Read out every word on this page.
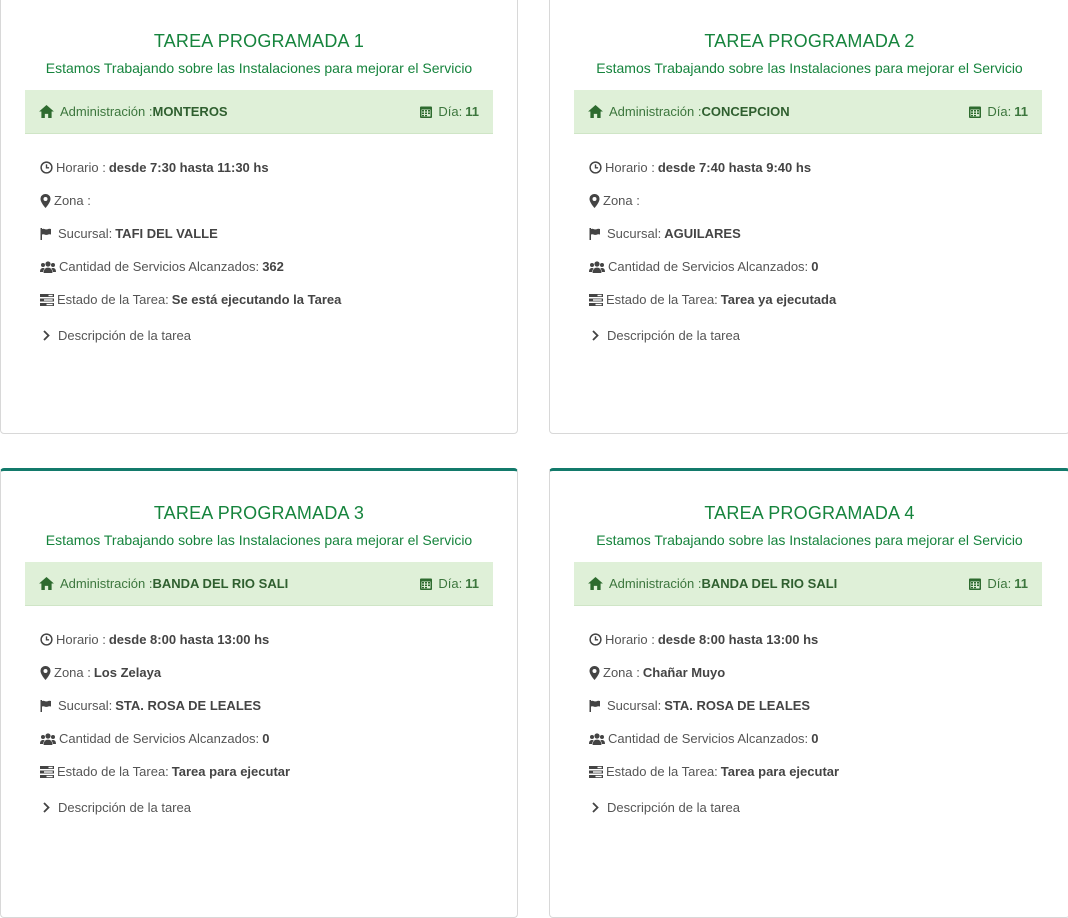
TAREA PROGRAMADA 1
Estamos Trabajando sobre las Instalaciones para mejorar el Servicio
Administración : MONTEROS	Día: 11
Horario : desde 7:30 hasta 11:30 hs
Zona :
Sucursal: TAFI DEL VALLE
Cantidad de Servicios Alcanzados: 362
Estado de la Tarea: Se está ejecutando la Tarea
Descripción de la tarea
TAREA PROGRAMADA 2
Estamos Trabajando sobre las Instalaciones para mejorar el Servicio
Administración : CONCEPCION	Día: 11
Horario : desde 7:40 hasta 9:40 hs
Zona :
Sucursal: AGUILARES
Cantidad de Servicios Alcanzados: 0
Estado de la Tarea: Tarea ya ejecutada
Descripción de la tarea
TAREA PROGRAMADA 3
Estamos Trabajando sobre las Instalaciones para mejorar el Servicio
Administración : BANDA DEL RIO SALI	Día: 11
Horario : desde 8:00 hasta 13:00 hs
Zona : Los Zelaya
Sucursal: STA. ROSA DE LEALES
Cantidad de Servicios Alcanzados: 0
Estado de la Tarea: Tarea para ejecutar
Descripción de la tarea
TAREA PROGRAMADA 4
Estamos Trabajando sobre las Instalaciones para mejorar el Servicio
Administración : BANDA DEL RIO SALI	Día: 11
Horario : desde 8:00 hasta 13:00 hs
Zona : Chañar Muyo
Sucursal: STA. ROSA DE LEALES
Cantidad de Servicios Alcanzados: 0
Estado de la Tarea: Tarea para ejecutar
Descripción de la tarea
